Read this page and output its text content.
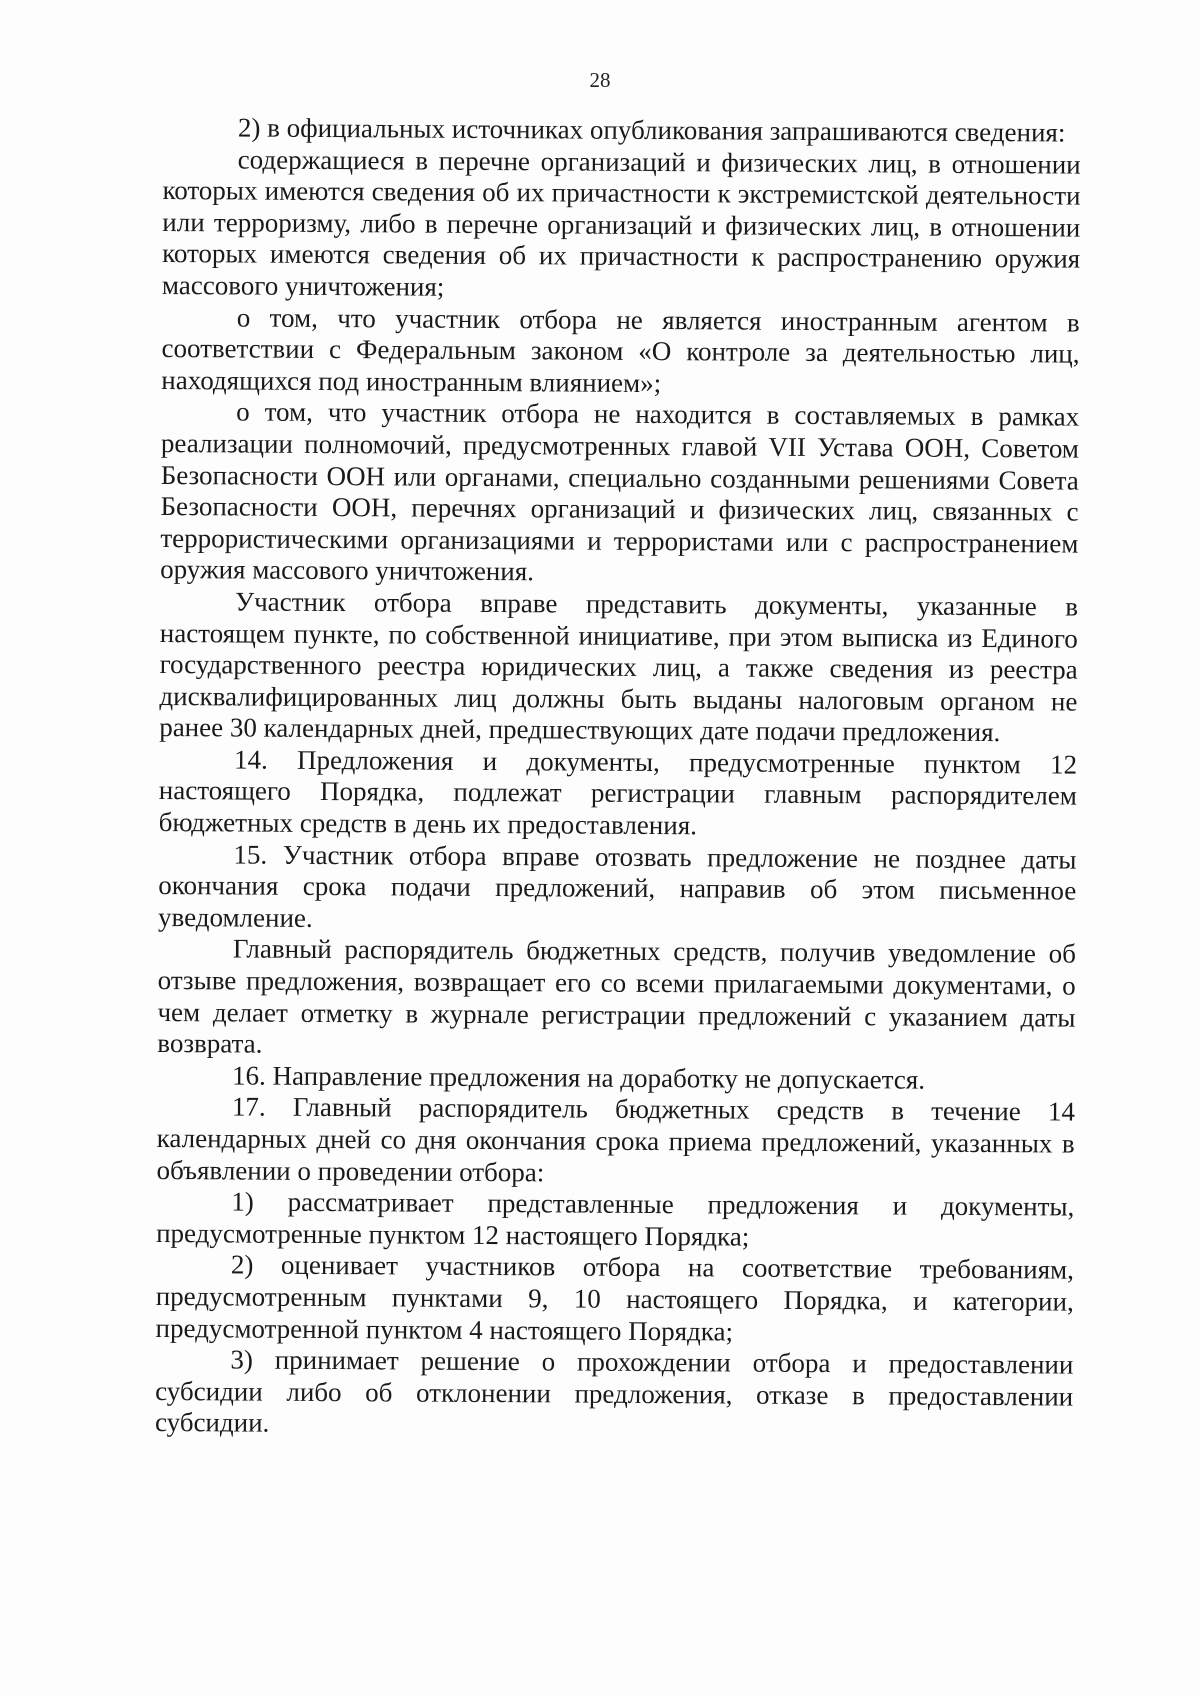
28

2) в официальных источниках опубликования запрашиваются сведения:

содержащиеся в перечне организаций и физических лиц, в отношении которых имеются сведения об их причастности к экстремистской деятельности или терроризму, либо в перечне организаций и физических лиц, в отношении которых имеются сведения об их причастности к распространению оружия массового уничтожения;

о том, что участник отбора не является иностранным агентом в соответствии с Федеральным законом «О контроле за деятельностью лиц, находящихся под иностранным влиянием»;

о том, что участник отбора не находится в составляемых в рамках реализации полномочий, предусмотренных главой VII Устава ООН, Советом Безопасности ООН или органами, специально созданными решениями Совета Безопасности ООН, перечнях организаций и физических лиц, связанных с террористическими организациями и террористами или с распространением оружия массового уничтожения.

Участник отбора вправе представить документы, указанные в настоящем пункте, по собственной инициативе, при этом выписка из Единого государственного реестра юридических лиц, а также сведения из реестра дисквалифицированных лиц должны быть выданы налоговым органом не ранее 30 календарных дней, предшествующих дате подачи предложения.

14. Предложения и документы, предусмотренные пунктом 12 настоящего Порядка, подлежат регистрации главным распорядителем бюджетных средств в день их предоставления.

15. Участник отбора вправе отозвать предложение не позднее даты окончания срока подачи предложений, направив об этом письменное уведомление.

Главный распорядитель бюджетных средств, получив уведомление об отзыве предложения, возвращает его со всеми прилагаемыми документами, о чем делает отметку в журнале регистрации предложений с указанием даты возврата.

16. Направление предложения на доработку не допускается.

17. Главный распорядитель бюджетных средств в течение 14 календарных дней со дня окончания срока приема предложений, указанных в объявлении о проведении отбора:

1) рассматривает представленные предложения и документы, предусмотренные пунктом 12 настоящего Порядка;

2) оценивает участников отбора на соответствие требованиям, предусмотренным пунктами 9, 10 настоящего Порядка, и категории, предусмотренной пунктом 4 настоящего Порядка;

3) принимает решение о прохождении отбора и предоставлении субсидии либо об отклонении предложения, отказе в предоставлении субсидии.
